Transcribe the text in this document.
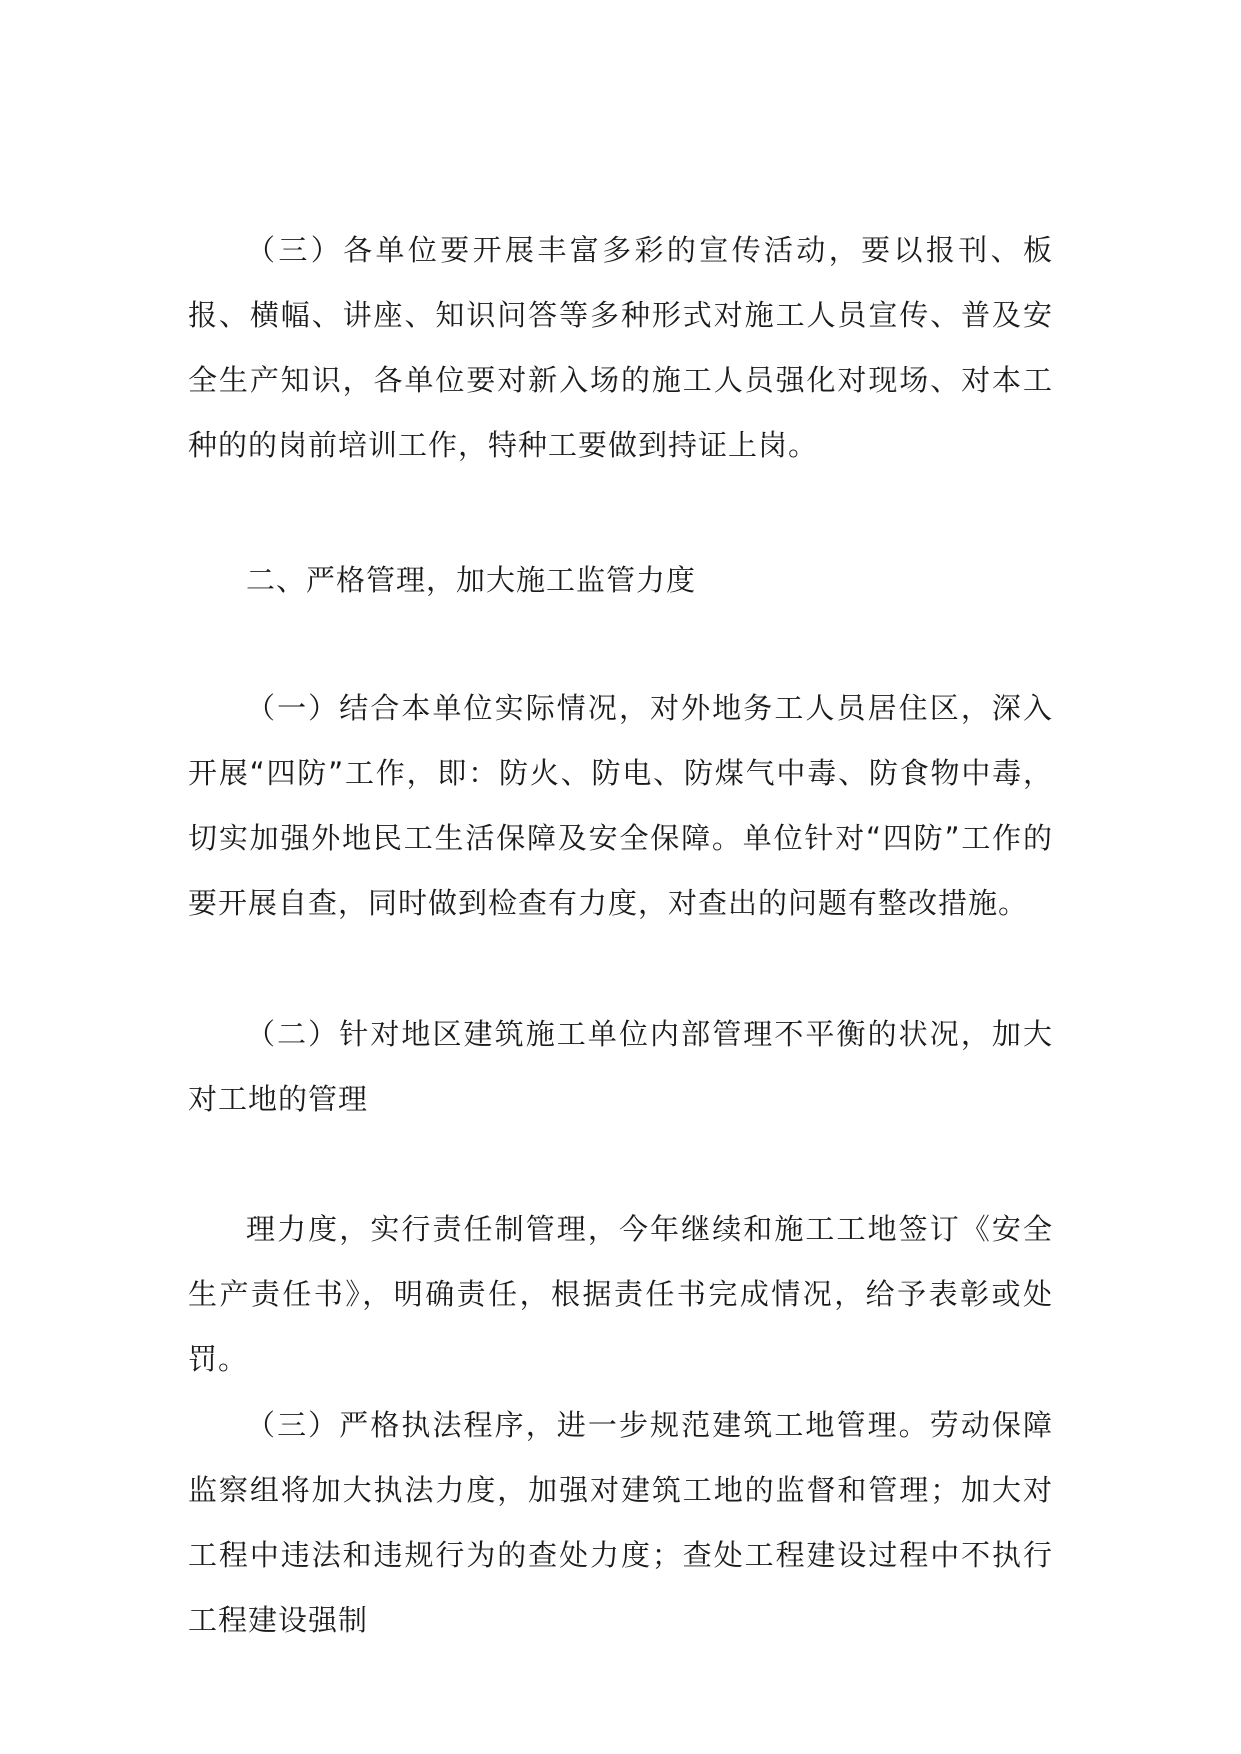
（三）各单位要开展丰富多彩的宣传活动，要以报刊、板报、横幅、讲座、知识问答等多种形式对施工人员宣传、普及安全生产知识，各单位要对新入场的施工人员强化对现场、对本工种的的岗前培训工作，特种工要做到持证上岗。

二、严格管理，加大施工监管力度

（一）结合本单位实际情况，对外地务工人员居住区，深入开展“四防”工作，即：防火、防电、防煤气中毒、防食物中毒，切实加强外地民工生活保障及安全保障。单位针对“四防”工作的要开展自查，同时做到检查有力度，对查出的问题有整改措施。

（二）针对地区建筑施工单位内部管理不平衡的状况，加大对工地的管理

理力度，实行责任制管理，今年继续和施工工地签订《安全生产责任书》，明确责任，根据责任书完成情况，给予表彰或处罚。

（三）严格执法程序，进一步规范建筑工地管理。劳动保障监察组将加大执法力度，加强对建筑工地的监督和管理；加大对工程中违法和违规行为的查处力度；查处工程建设过程中不执行工程建设强制
